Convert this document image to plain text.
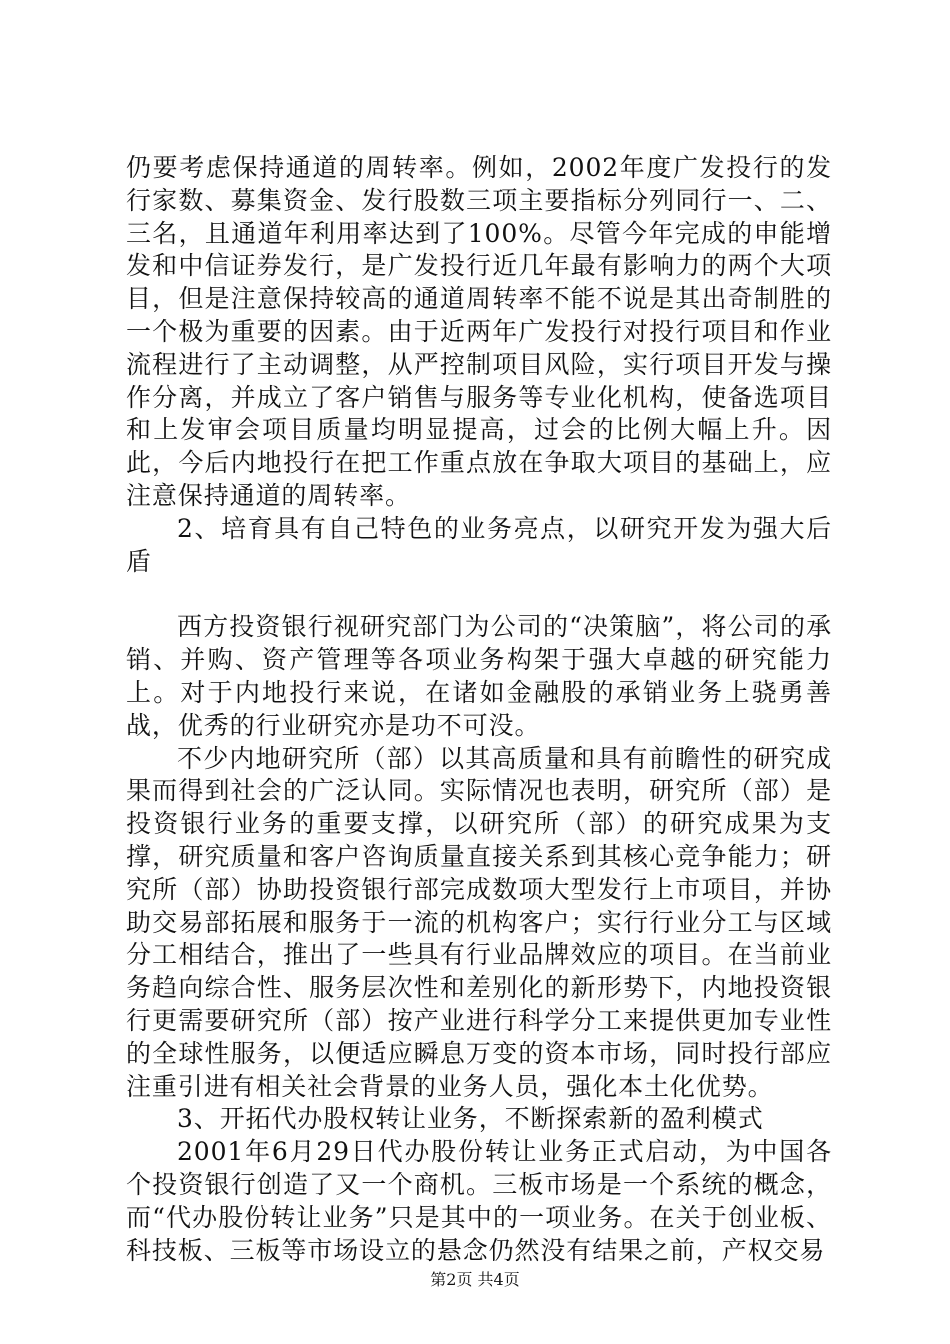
仍要考虑保持通道的周转率。例如，2002年度广发投行的发行家数、募集资金、发行股数三项主要指标分列同行一、二、三名，且通道年利用率达到了100%。尽管今年完成的申能增发和中信证券发行，是广发投行近几年最有影响力的两个大项目，但是注意保持较高的通道周转率不能不说是其出奇制胜的一个极为重要的因素。由于近两年广发投行对投行项目和作业流程进行了主动调整，从严控制项目风险，实行项目开发与操作分离，并成立了客户销售与服务等专业化机构，使备选项目和上发审会项目质量均明显提高，过会的比例大幅上升。因此，今后内地投行在把工作重点放在争取大项目的基础上，应注意保持通道的周转率。

2、培育具有自己特色的业务亮点，以研究开发为强大后盾

西方投资银行视研究部门为公司的“决策脑”，将公司的承销、并购、资产管理等各项业务构架于强大卓越的研究能力上。对于内地投行来说，在诸如金融股的承销业务上骁勇善战，优秀的行业研究亦是功不可没。

不少内地研究所（部）以其高质量和具有前瞻性的研究成果而得到社会的广泛认同。实际情况也表明，研究所（部）是投资银行业务的重要支撑，以研究所（部）的研究成果为支撑，研究质量和客户咨询质量直接关系到其核心竞争能力；研究所（部）协助投资银行部完成数项大型发行上市项目，并协助交易部拓展和服务于一流的机构客户；实行行业分工与区域分工相结合，推出了一些具有行业品牌效应的项目。在当前业务趋向综合性、服务层次性和差别化的新形势下，内地投资银行更需要研究所（部）按产业进行科学分工来提供更加专业性的全球性服务，以便适应瞬息万变的资本市场，同时投行部应注重引进有相关社会背景的业务人员，强化本土化优势。

3、开拓代办股权转让业务，不断探索新的盈利模式

2001年6月29日代办股份转让业务正式启动，为中国各个投资银行创造了又一个商机。三板市场是一个系统的概念，而“代办股份转让业务”只是其中的一项业务。在关于创业板、科技板、三板等市场设立的悬念仍然没有结果之前，产权交易

第2页 共4页
